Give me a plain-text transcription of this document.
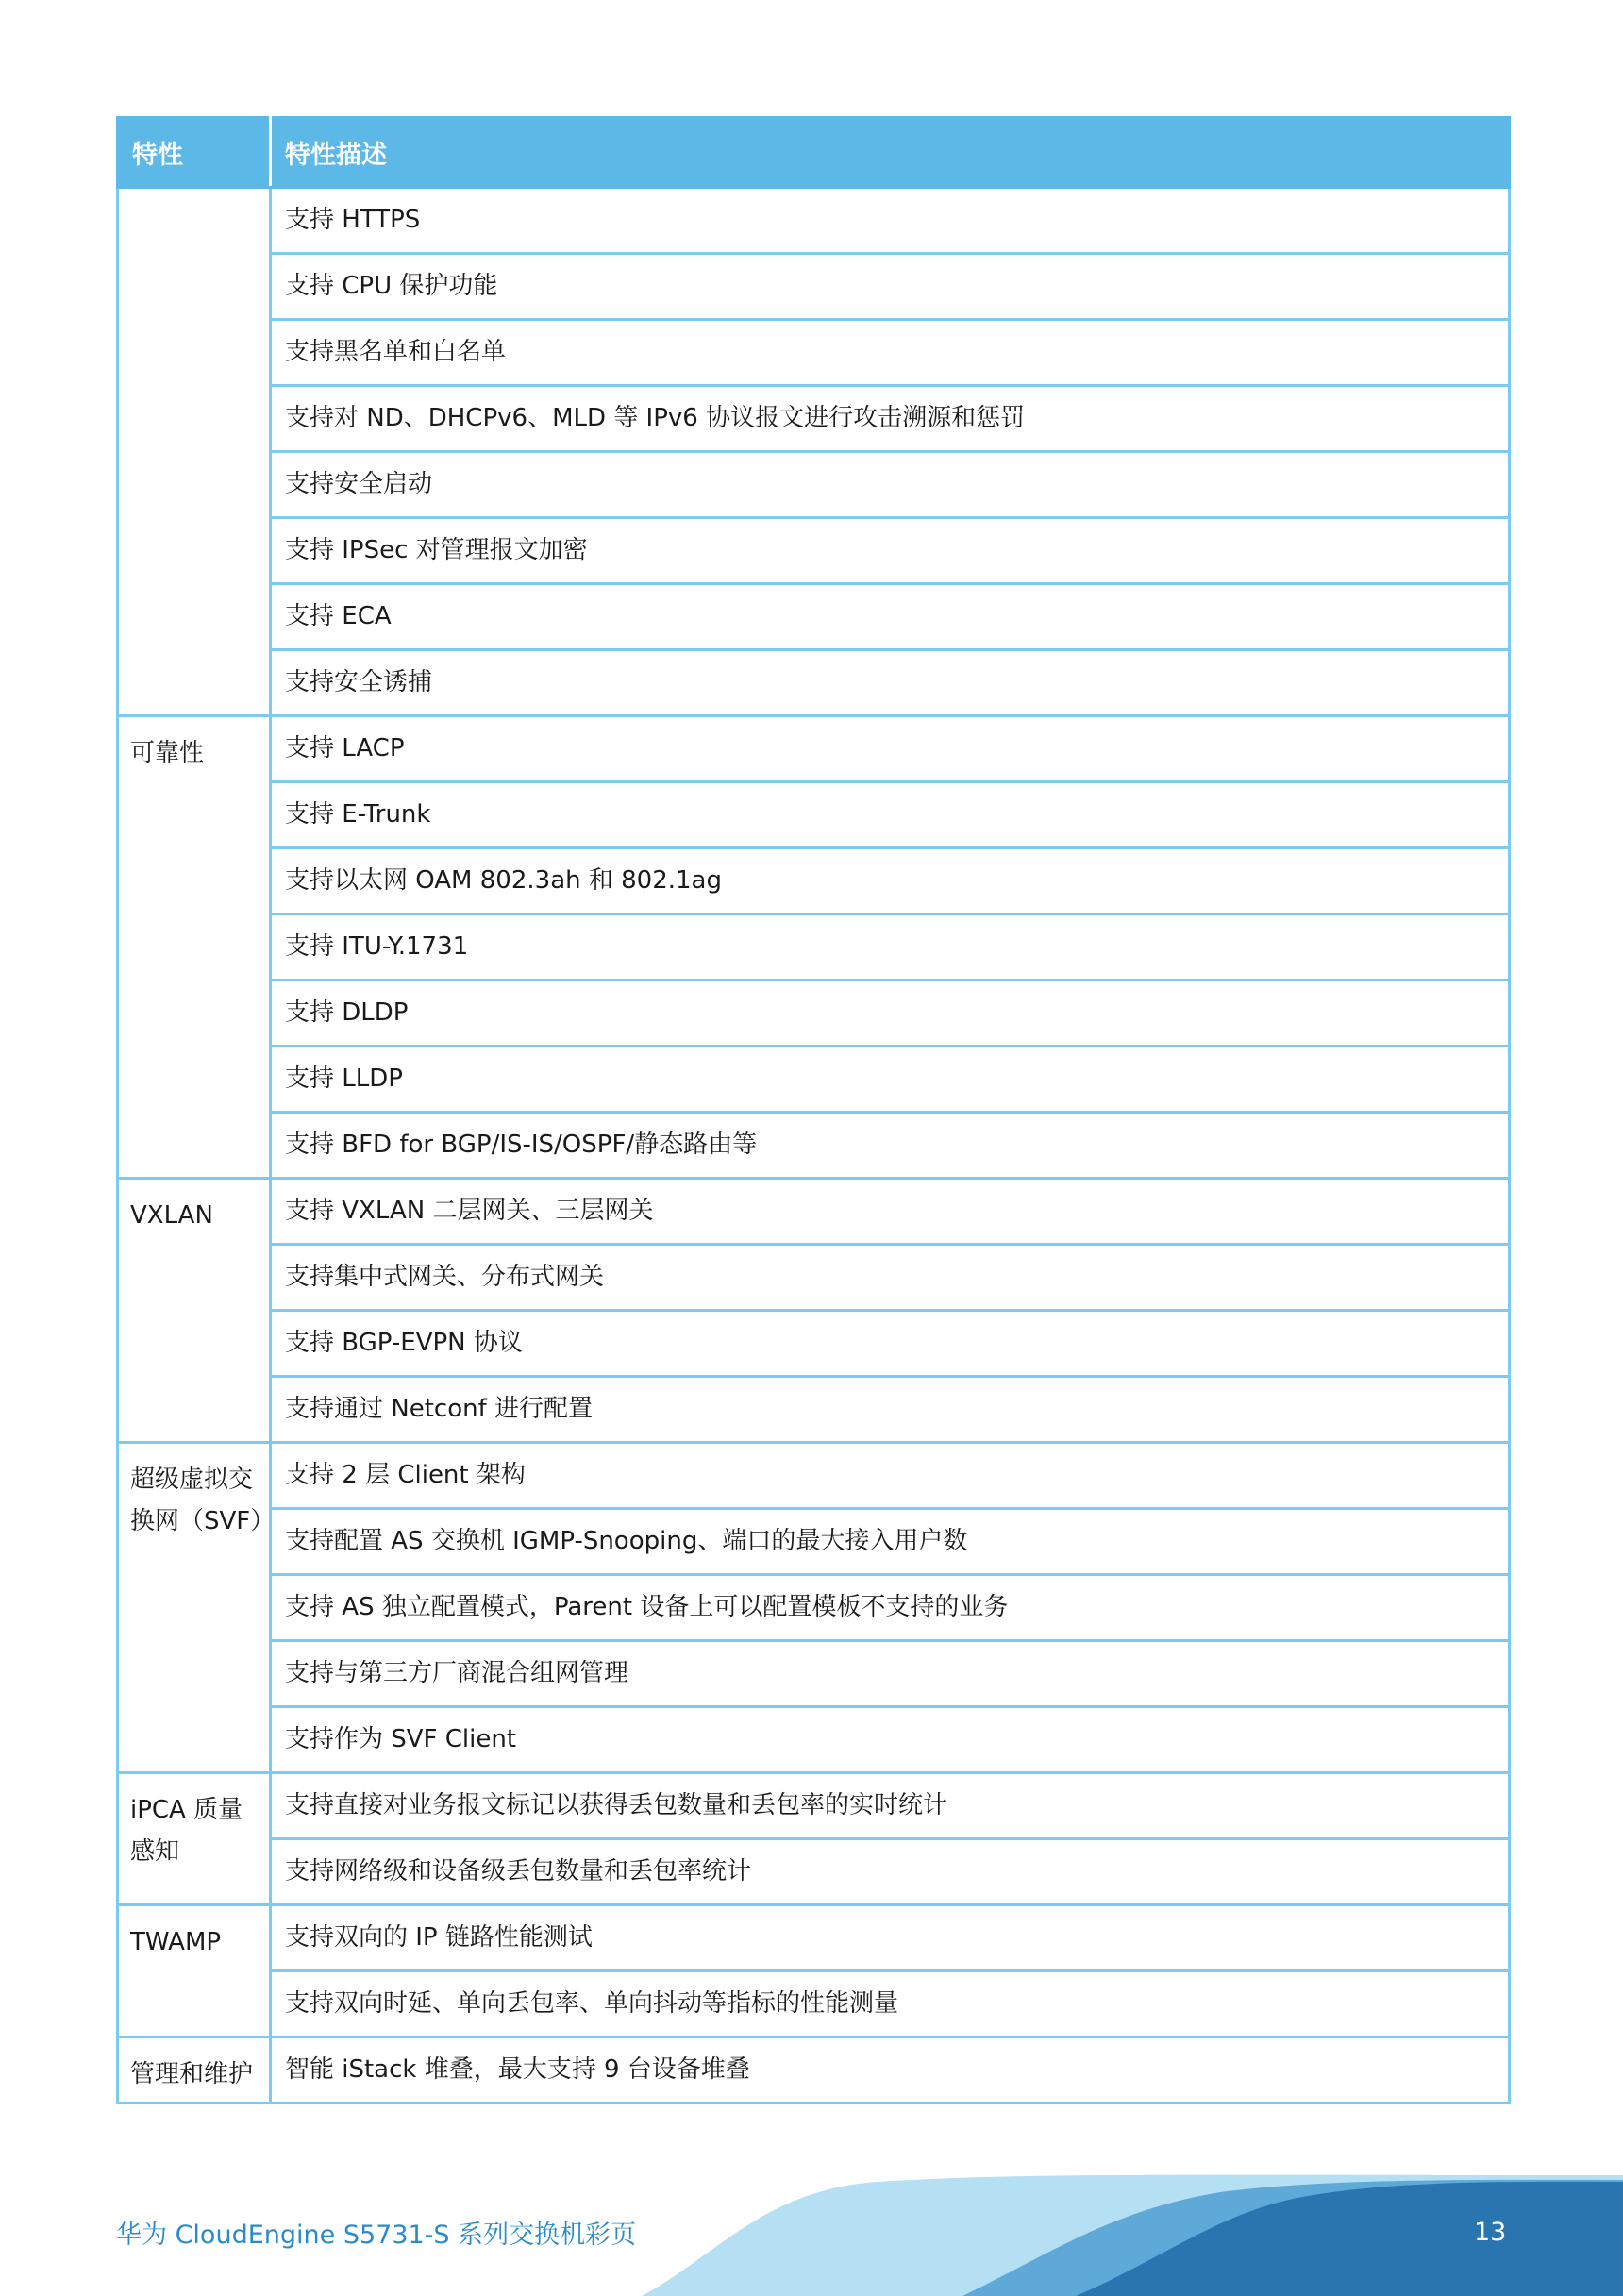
特性	特性描述
	支持 HTTPS
	支持 CPU 保护功能
	支持黑名单和白名单
	支持对 ND、DHCPv6、MLD 等 IPv6 协议报文进行攻击溯源和惩罚
	支持安全启动
	支持 IPSec 对管理报文加密
	支持 ECA
	支持安全诱捕
可靠性	支持 LACP
	支持 E-Trunk
	支持以太网 OAM 802.3ah 和 802.1ag
	支持 ITU-Y.1731
	支持 DLDP
	支持 LLDP
	支持 BFD for BGP/IS-IS/OSPF/静态路由等
VXLAN	支持 VXLAN 二层网关、三层网关
	支持集中式网关、分布式网关
	支持 BGP-EVPN 协议
	支持通过 Netconf 进行配置
超级虚拟交换网（SVF）	支持 2 层 Client 架构
	支持配置 AS 交换机 IGMP-Snooping、端口的最大接入用户数
	支持 AS 独立配置模式，Parent 设备上可以配置模板不支持的业务
	支持与第三方厂商混合组网管理
	支持作为 SVF Client
iPCA 质量感知	支持直接对业务报文标记以获得丢包数量和丢包率的实时统计
	支持网络级和设备级丢包数量和丢包率统计
TWAMP	支持双向的 IP 链路性能测试
	支持双向时延、单向丢包率、单向抖动等指标的性能测量
管理和维护	智能 iStack 堆叠，最大支持 9 台设备堆叠
华为 CloudEngine S5731-S 系列交换机彩页	13
